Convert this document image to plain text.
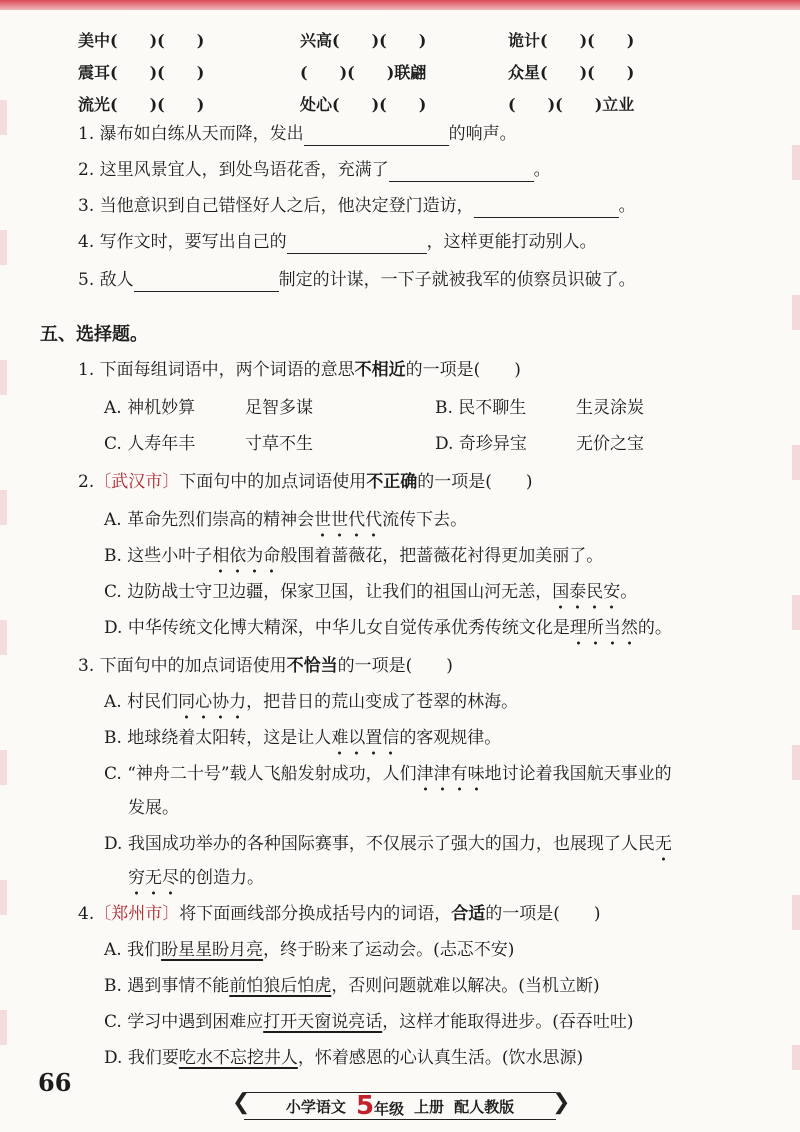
美中(　　)(　　)	兴高(　　)(　　)	诡计(　　)(　　)
震耳(　　)(　　)	(　　)(　　)联翩	众星(　　)(　　)
流光(　　)(　　)	处心(　　)(　　)	(　　)(　　)立业
1. 瀑布如白练从天而降，发出	的响声。
2. 这里风景宜人，到处鸟语花香，充满了	。
3. 当他意识到自己错怪好人之后，他决定登门造访，	。
4. 写作文时，要写出自己的	，这样更能打动别人。
5. 敌人	制定的计谋，一下子就被我军的侦察员识破了。
五、选择题。
1. 下面每组词语中，两个词语的意思不相近的一项是(　　)
A. 神机妙算	足智多谋	B. 民不聊生	生灵涂炭
C. 人寿年丰	寸草不生	D. 奇珍异宝	无价之宝
2.〔武汉市〕下面句中的加点词语使用不正确的一项是(　　)
A. 革命先烈们崇高的精神会世世代代流传下去。
B. 这些小叶子相依为命般围着蔷薇花，把蔷薇花衬得更加美丽了。
C. 边防战士守卫边疆，保家卫国，让我们的祖国山河无恙，国泰民安。
D. 中华传统文化博大精深，中华儿女自觉传承优秀传统文化是理所当然的。
3. 下面句中的加点词语使用不恰当的一项是(　　)
A. 村民们同心协力，把昔日的荒山变成了苍翠的林海。
B. 地球绕着太阳转，这是让人难以置信的客观规律。
C. “神舟二十号”载人飞船发射成功，人们津津有味地讨论着我国航天事业的
发展。
D. 我国成功举办的各种国际赛事，不仅展示了强大的国力，也展现了人民无
穷无尽的创造力。
4.〔郑州市〕将下面画线部分换成括号内的词语，合适的一项是(　　)
A. 我们盼星星盼月亮，终于盼来了运动会。(忐忑不安)
B. 遇到事情不能前怕狼后怕虎，否则问题就难以解决。(当机立断)
C. 学习中遇到困难应打开天窗说亮话，这样才能取得进步。(吞吞吐吐)
D. 我们要吃水不忘挖井人，怀着感恩的心认真生活。(饮水思源)
66
❮ 小学语文 5年级 上册 配人教版 ❯
